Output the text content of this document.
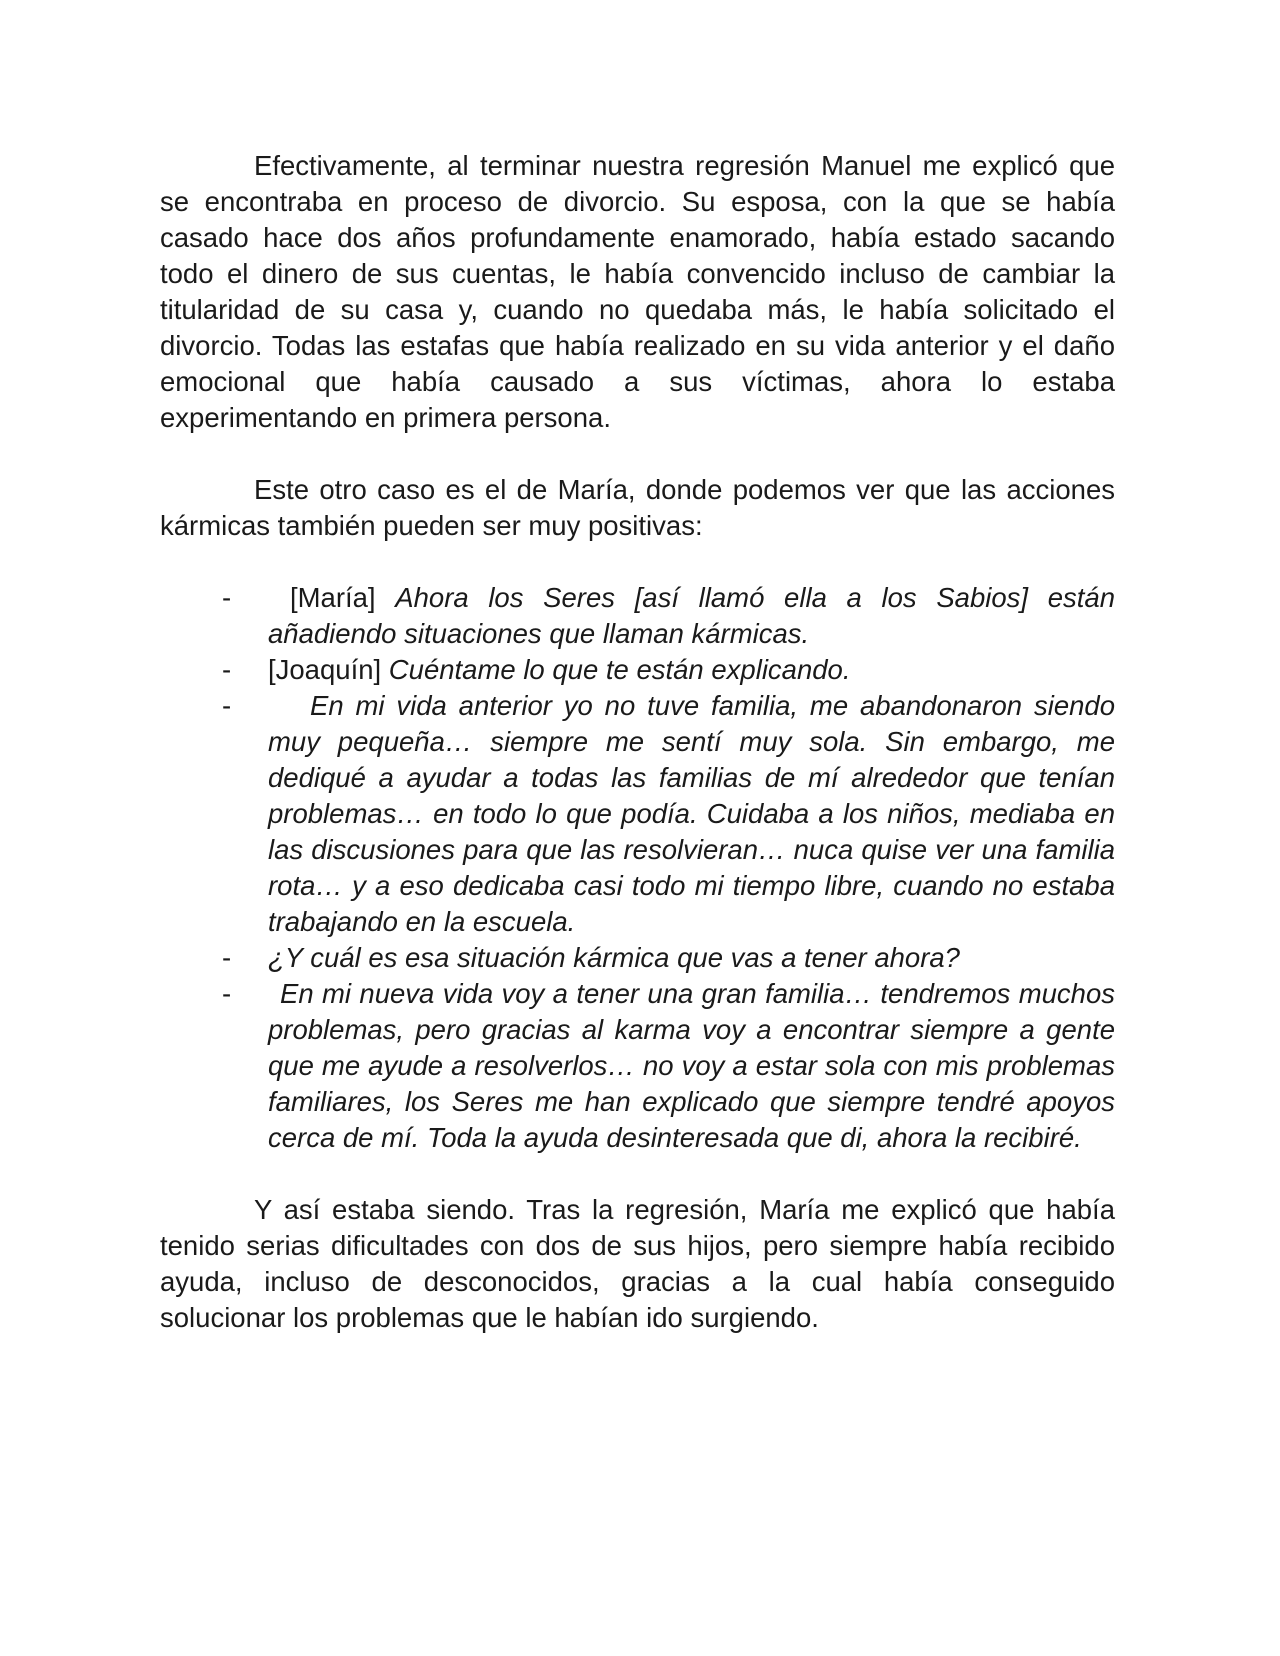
Efectivamente, al terminar nuestra regresión Manuel me explicó que se encontraba en proceso de divorcio. Su esposa, con la que se había casado hace dos años profundamente enamorado, había estado sacando todo el dinero de sus cuentas, le había convencido incluso de cambiar la titularidad de su casa y, cuando no quedaba más, le había solicitado el divorcio. Todas las estafas que había realizado en su vida anterior y el daño emocional que había causado a sus víctimas, ahora lo estaba experimentando en primera persona.

Este otro caso es el de María, donde podemos ver que las acciones kármicas también pueden ser muy positivas:

- [María] Ahora los Seres [así llamó ella a los Sabios] están añadiendo situaciones que llaman kármicas.
- [Joaquín] Cuéntame lo que te están explicando.
-	En mi vida anterior yo no tuve familia, me abandonaron siendo muy pequeña… siempre me sentí muy sola. Sin embargo, me dediqué a ayudar a todas las familias de mí alrededor que tenían problemas… en todo lo que podía. Cuidaba a los niños, mediaba en las discusiones para que las resolvieran… nuca quise ver una familia rota… y a eso dedicaba casi todo mi tiempo libre, cuando no estaba trabajando en la escuela.
- ¿Y cuál es esa situación kármica que vas a tener ahora?
- En mi nueva vida voy a tener una gran familia… tendremos muchos problemas, pero gracias al karma voy a encontrar siempre a gente que me ayude a resolverlos… no voy a estar sola con mis problemas familiares, los Seres me han explicado que siempre tendré apoyos cerca de mí. Toda la ayuda desinteresada que di, ahora la recibiré.

Y así estaba siendo. Tras la regresión, María me explicó que había tenido serias dificultades con dos de sus hijos, pero siempre había recibido ayuda, incluso de desconocidos, gracias a la cual había conseguido solucionar los problemas que le habían ido surgiendo.
